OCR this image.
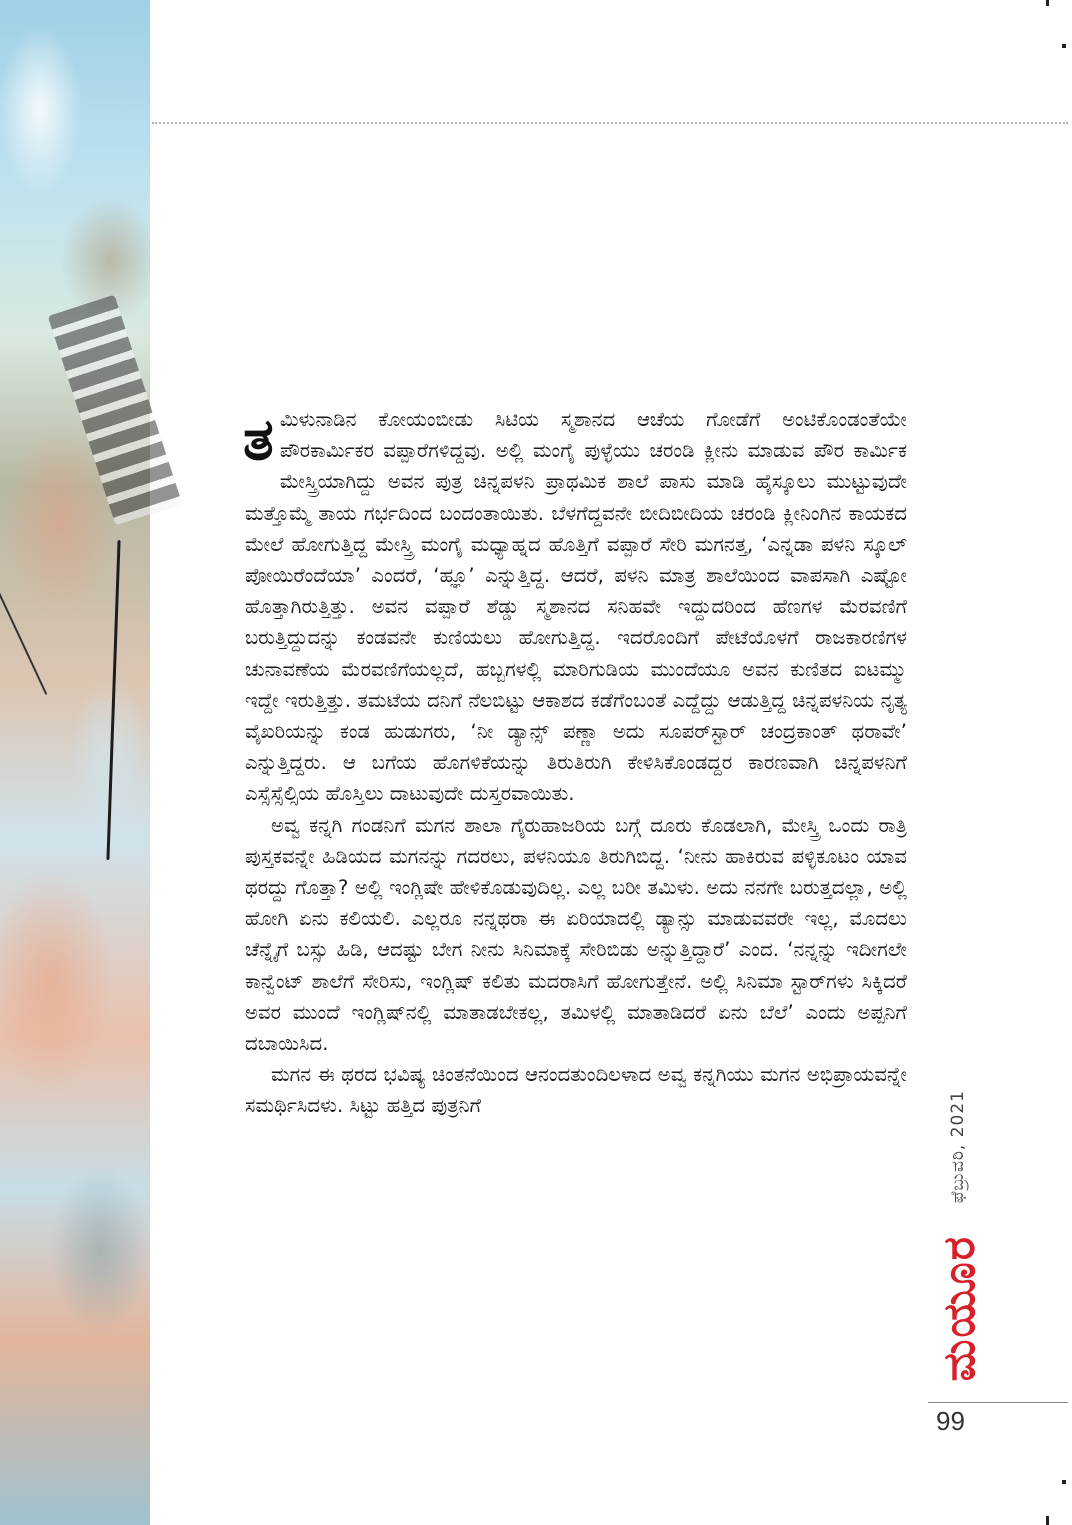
ತಮಿಳುನಾಡಿನ ಕೋಯಂಬೀಡು ಸಿಟಿಯ ಸ್ಮಶಾನದ ಆಚೆಯ ಗೋಡೆಗೆ ಅಂಟಿಕೊಂಡಂತೆಯೇ ಪೌರಕಾರ್ಮಿಕರ ವಪ್ಪಾರೆಗಳಿದ್ದವು. ಅಲ್ಲಿ ಮಂಗೈ ಪುಳ್ಳೆಯು ಚರಂಡಿ ಕ್ಲೀನು ಮಾಡುವ ಪೌರ ಕಾರ್ಮಿಕ ಮೇಸ್ತ್ರಿಯಾಗಿದ್ದು ಅವನ ಪುತ್ರ ಚಿನ್ನಪಳನಿ ಪ್ರಾಥಮಿಕ ಶಾಲೆ ಪಾಸು ಮಾಡಿ ಹೈಸ್ಕೂಲು ಮುಟ್ಟುವುದೇ ಮತ್ತೊಮ್ಮೆ ತಾಯ ಗರ್ಭದಿಂದ ಬಂದಂತಾಯಿತು. ಬೆಳಗೆದ್ದವನೇ ಬೀದಿಬೀದಿಯ ಚರಂಡಿ ಕ್ಲೀನಿಂಗಿನ ಕಾಯಕದ ಮೇಲೆ ಹೋಗುತ್ತಿದ್ದ ಮೇಸ್ತ್ರಿ ಮಂಗೈ ಮಧ್ಯಾಹ್ನದ ಹೊತ್ತಿಗೆ ವಪ್ಪಾರೆ ಸೇರಿ ಮಗನತ್ತ, ‘ಎನ್ನಡಾ ಪಳನಿ ಸ್ಕೂಲ್ ಪೋಯಿರೆಂದೆಯಾ’ ಎಂದರೆ, ‘ಹ್ಞೂ’ ಎನ್ನುತ್ತಿದ್ದ. ಆದರೆ, ಪಳನಿ ಮಾತ್ರ ಶಾಲೆಯಿಂದ ವಾಪಸಾಗಿ ಎಷ್ಟೋ ಹೊತ್ತಾಗಿರುತ್ತಿತ್ತು. ಅವನ ವಪ್ಪಾರೆ ಶೆಡ್ಡು ಸ್ಮಶಾನದ ಸನಿಹವೇ ಇದ್ದುದರಿಂದ ಹೆಣಗಳ ಮೆರವಣಿಗೆ ಬರುತ್ತಿದ್ದುದನ್ನು ಕಂಡವನೇ ಕುಣಿಯಲು ಹೋಗುತ್ತಿದ್ದ. ಇದರೊಂದಿಗೆ ಪೇಟೆಯೊಳಗೆ ರಾಜಕಾರಣಿಗಳ ಚುನಾವಣೆಯ ಮೆರವಣಿಗೆಯಲ್ಲದೆ, ಹಬ್ಬಗಳಲ್ಲಿ ಮಾರಿಗುಡಿಯ ಮುಂದೆಯೂ ಅವನ ಕುಣಿತದ ಐಟಮ್ಮು ಇದ್ದೇ ಇರುತ್ತಿತ್ತು. ತಮಟೆಯ ದನಿಗೆ ನೆಲಬಿಟ್ಟು ಆಕಾಶದ ಕಡೆಗೆಂಬಂತೆ ಎದ್ದೆದ್ದು ಆಡುತ್ತಿದ್ದ ಚಿನ್ನಪಳನಿಯ ನೃತ್ಯ ವೈಖರಿಯನ್ನು ಕಂಡ ಹುಡುಗರು, ‘ನೀ ಡ್ಯಾನ್ಸ್ ಪಣ್ಣಾ ಅದು ಸೂಪರ್‌ಸ್ಟಾರ್ ಚಂದ್ರಕಾಂತ್ ಥರಾವೇ’ ಎನ್ನುತ್ತಿದ್ದರು. ಆ ಬಗೆಯ ಹೊಗಳಿಕೆಯನ್ನು ತಿರುತಿರುಗಿ ಕೇಳಿಸಿಕೊಂಡದ್ದರ ಕಾರಣವಾಗಿ ಚಿನ್ನಪಳನಿಗೆ ಎಸ್ಸೆಸ್ಸೆಲ್ಸಿಯ ಹೊಸ್ತಿಲು ದಾಟುವುದೇ ದುಸ್ತರವಾಯಿತು.

ಅವ್ವ ಕನ್ನಗಿ ಗಂಡನಿಗೆ ಮಗನ ಶಾಲಾ ಗೈರುಹಾಜರಿಯ ಬಗ್ಗೆ ದೂರು ಕೊಡಲಾಗಿ, ಮೇಸ್ತ್ರಿ ಒಂದು ರಾತ್ರಿ ಪುಸ್ತಕವನ್ನೇ ಹಿಡಿಯದ ಮಗನನ್ನು ಗದರಲು, ಪಳನಿಯೂ ತಿರುಗಿಬಿದ್ದ. ‘ನೀನು ಹಾಕಿರುವ ಪಳ್ಳಿಕೂಟಂ ಯಾವ ಥರದ್ದು ಗೊತ್ತಾ? ಅಲ್ಲಿ ಇಂಗ್ಲಿಷೇ ಹೇಳಿಕೊಡುವುದಿಲ್ಲ. ಎಲ್ಲ ಬರೀ ತಮಿಳು. ಅದು ನನಗೇ ಬರುತ್ತದಲ್ಲಾ, ಅಲ್ಲಿ ಹೋಗಿ ಏನು ಕಲಿಯಲಿ. ಎಲ್ಲರೂ ನನ್ನಥರಾ ಈ ಏರಿಯಾದಲ್ಲಿ ಡ್ಯಾನ್ಸು ಮಾಡುವವರೇ ಇಲ್ಲ, ಮೊದಲು ಚೆನ್ನೈಗೆ ಬಸ್ಸು ಹಿಡಿ, ಆದಷ್ಟು ಬೇಗ ನೀನು ಸಿನಿಮಾಕ್ಕೆ ಸೇರಿಬಿಡು ಅನ್ನುತ್ತಿದ್ದಾರೆ’ ಎಂದ. ‘ನನ್ನನ್ನು ಇದೀಗಲೇ ಕಾನ್ವೆಂಟ್ ಶಾಲೆಗೆ ಸೇರಿಸು, ಇಂಗ್ಲಿಷ್ ಕಲಿತು ಮದರಾಸಿಗೆ ಹೋಗುತ್ತೇನೆ. ಅಲ್ಲಿ ಸಿನಿಮಾ ಸ್ಟಾರ್‌ಗಳು ಸಿಕ್ಕಿದರೆ ಅವರ ಮುಂದೆ ಇಂಗ್ಲಿಷ್‌ನಲ್ಲಿ ಮಾತಾಡಬೇಕಲ್ಲ, ತಮಿಳಲ್ಲಿ ಮಾತಾಡಿದರೆ ಏನು ಬೆಲೆ’ ಎಂದು ಅಪ್ಪನಿಗೆ ದಬಾಯಿಸಿದ.

ಮಗನ ಈ ಥರದ ಭವಿಷ್ಯ ಚಿಂತನೆಯಿಂದ ಆನಂದತುಂದಿಲಳಾದ ಅವ್ವ ಕನ್ನಗಿಯು ಮಗನ ಅಭಿಪ್ರಾಯವನ್ನೇ ಸಮರ್ಥಿಸಿದಳು. ಸಿಟ್ಟು ಹತ್ತಿದ ಪುತ್ರನಿಗೆ	ಫೆಬ್ರುವರಿ, 2021
ಮಯೂರ
99
